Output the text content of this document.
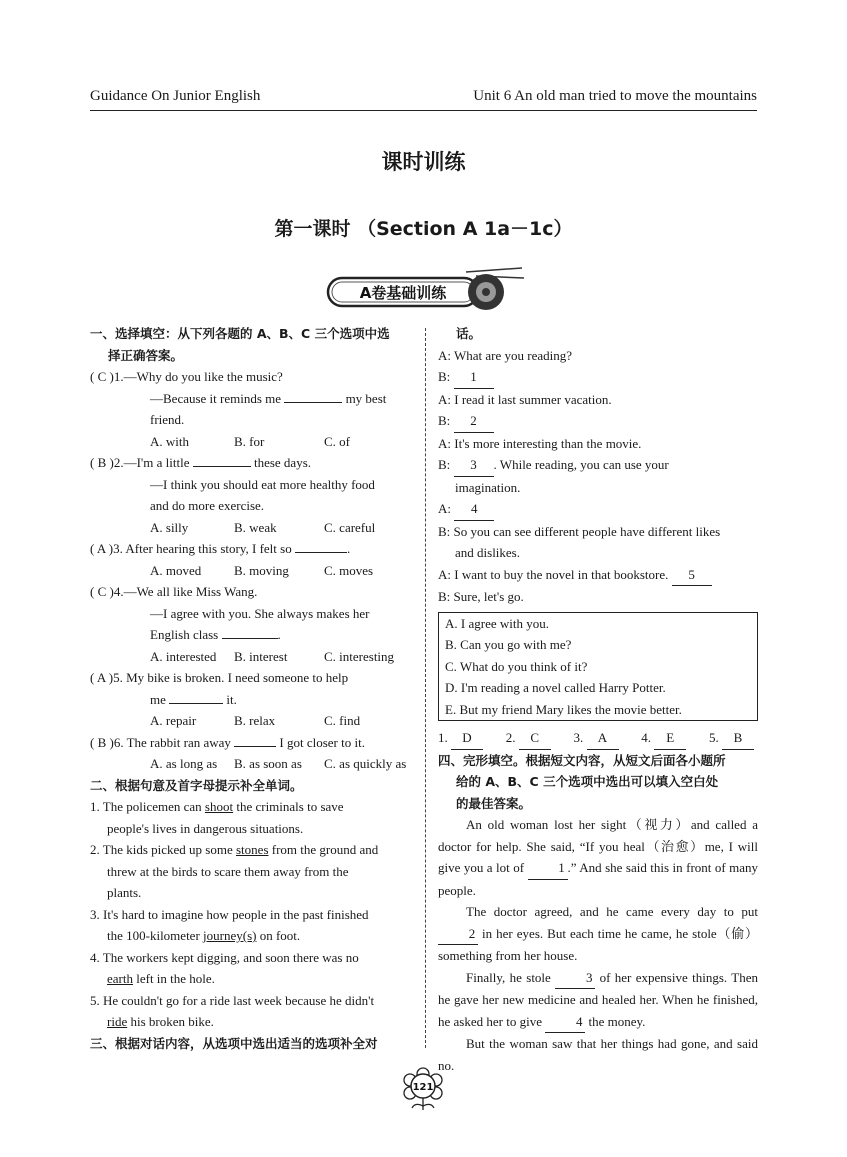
Guidance On Junior English	Unit 6 An old man tried to move the mountains
课时训练
第一课时 （Section A 1a－1c）
A卷基础训练
一、选择填空：从下列各题的 A、B、C 三个选项中选
择正确答案。
( C )1.—Why do you like the music?
—Because it reminds me	my best
friend.
A. with	B. for	C. of
( B )2.—I'm a little	these days.
—I think you should eat more healthy food
and do more exercise.
A. silly	B. weak	C. careful
( A )3. After hearing this story, I felt so	.
A. moved	B. moving	C. moves
( C )4.—We all like Miss Wang.
—I agree with you. She always makes her
English class	.
A. interested B. interest	C. interesting
( A )5. My bike is broken. I need someone to help
me	it.
A. repair	B. relax	C. find
( B )6. The rabbit ran away	I got closer to it.
A. as long as B. as soon as C. as quickly as
二、根据句意及首字母提示补全单词。
1. The policemen can shoot the criminals to save
people's lives in dangerous situations.
2. The kids picked up some stones from the ground and
threw at the birds to scare them away from the
plants.
3. It's hard to imagine how people in the past finished
the 100-kilometer journey(s) on foot.
4. The workers kept digging, and soon there was no
earth left in the hole.
5. He couldn't go for a ride last week because he didn't
ride his broken bike.
三、根据对话内容，从选项中选出适当的选项补全对
话。
A: What are you reading?
B: 1
A: I read it last summer vacation.
B: 2
A: It's more interesting than the movie.
B: 3 . While reading, you can use your
imagination.
A: 4
B: So you can see different people have different likes
and dislikes.
A: I want to buy the novel in that bookstore. 5
B: Sure, let's go.
A. I agree with you.
B. Can you go with me?
C. What do you think of it?
D. I'm reading a novel called Harry Potter.
E. But my friend Mary likes the movie better.
1. D	2. C	3. A	4. E	5. B
四、完形填空。根据短文内容，从短文后面各小题所
给的 A、B、C 三个选项中选出可以填入空白处
的最佳答案。
An old woman lost her sight（视力）and called a doctor for help. She said, “If you heal（治愈）me, I will give you a lot of	1 .” And she said this in front of many people.
The doctor agreed, and he came every day to put 2 in her eyes. But each time he came, he stole（偷）something from her house.
Finally, he stole	3 of her expensive things. Then he gave her new medicine and healed her. When he finished, he asked her to give	4 the money.
But the woman saw that her things had gone, and said no.
121
